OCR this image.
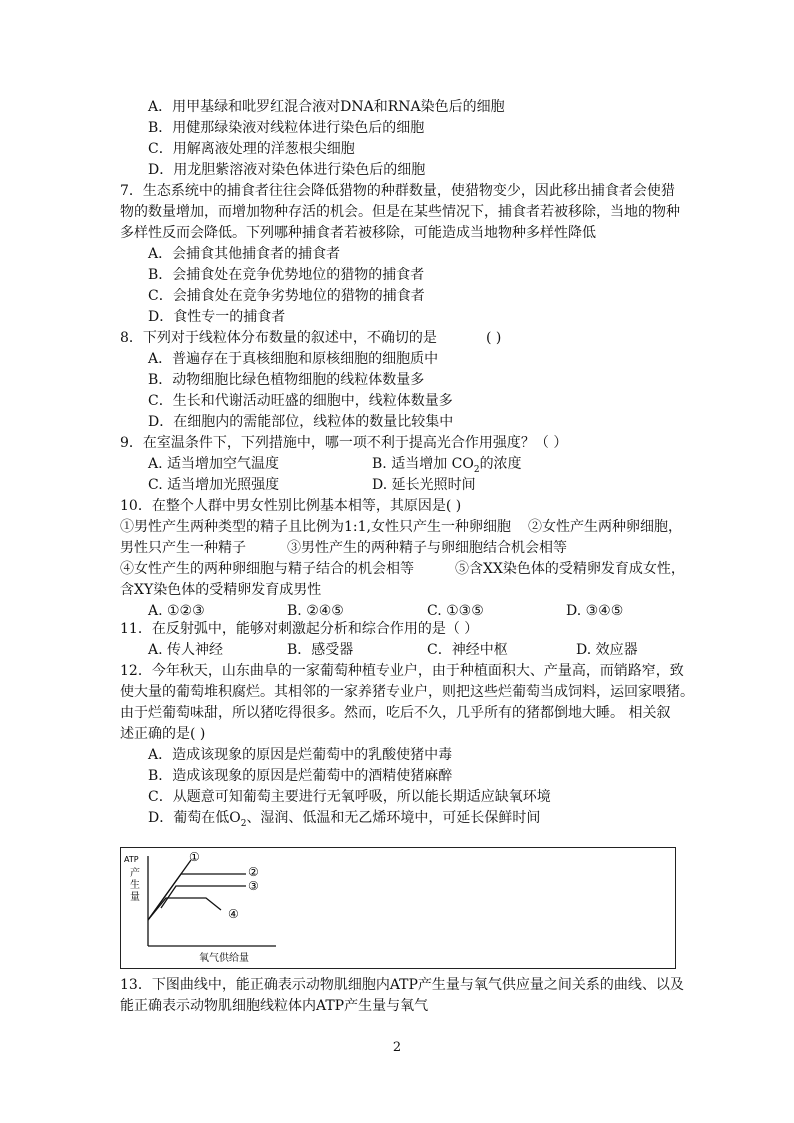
A．用甲基绿和吡罗红混合液对DNA和RNA染色后的细胞
B．用健那绿染液对线粒体进行染色后的细胞
C．用解离液处理的洋葱根尖细胞
D．用龙胆紫溶液对染色体进行染色后的细胞
7．生态系统中的捕食者往往会降低猎物的种群数量，使猎物变少，因此移出捕食者会使猎
物的数量增加，而增加物种存活的机会。但是在某些情况下，捕食者若被移除，当地的物种
多样性反而会降低。下列哪种捕食者若被移除，可能造成当地物种多样性降低
A．会捕食其他捕食者的捕食者
B．会捕食处在竞争优势地位的猎物的捕食者
C．会捕食处在竞争劣势地位的猎物的捕食者
D．食性专一的捕食者
8．下列对于线粒体分布数量的叙述中，不确切的是	( )
A．普遍存在于真核细胞和原核细胞的细胞质中
B．动物细胞比绿色植物细胞的线粒体数量多
C．生长和代谢活动旺盛的细胞中，线粒体数量多
D．在细胞内的需能部位，线粒体的数量比较集中
9．在室温条件下，下列措施中，哪一项不利于提高光合作用强度？（ ）
A. 适当增加空气温度	B. 适当增加 $CO_2$的浓度
C. 适当增加光照强度	D. 延长光照时间
10．在整个人群中男女性别比例基本相等，其原因是( )
①男性产生两种类型的精子且比例为1:1,女性只产生一种卵细胞 ②女性产生两种卵细胞，
男性只产生一种精子	③男性产生的两种精子与卵细胞结合机会相等
④女性产生的两种卵细胞与精子结合的机会相等	⑤含XX染色体的受精卵发育成女性，
含XY染色体的受精卵发育成男性
A. ①②③	B. ②④⑤	C. ①③⑤	D. ③④⑤
11．在反射弧中，能够对刺激起分析和综合作用的是（ ）
A. 传人神经	B．感受器	C．神经中枢	D. 效应器
12．今年秋天，山东曲阜的一家葡萄种植专业户，由于种植面积大、产量高，而销路窄，致
使大量的葡萄堆积腐烂。其相邻的一家养猪专业户，则把这些烂葡萄当成饲料，运回家喂猪。
由于烂葡萄味甜，所以猪吃得很多。然而，吃后不久，几乎所有的猪都倒地大睡。 相关叙
述正确的是( )
A．造成该现象的原因是烂葡萄中的乳酸使猪中毒
B．造成该现象的原因是烂葡萄中的酒精使猪麻醉
C．从题意可知葡萄主要进行无氧呼吸，所以能长期适应缺氧环境
D．葡萄在低$O_2$、湿润、低温和无乙烯环境中，可延长保鲜时间
①
②
③
④
ATP
产
生
量
氧气供给量
13．下图曲线中，能正确表示动物肌细胞内ATP产生量与氧气供应量之间关系的曲线、以及
能正确表示动物肌细胞线粒体内ATP产生量与氧气
2
